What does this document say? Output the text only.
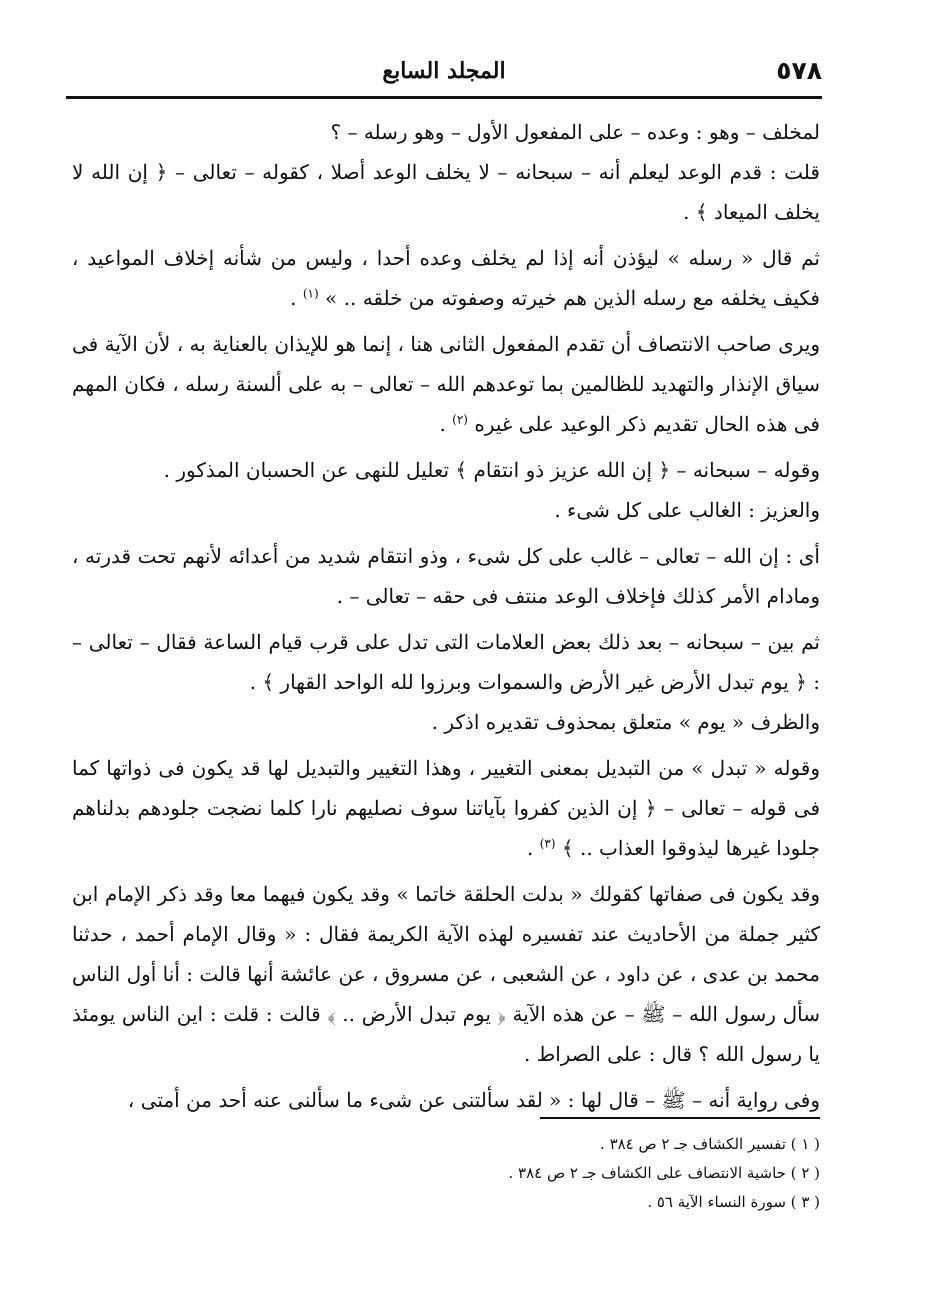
٥٧٨
المجلد السابع

لمخلف – وهو : وعده – على المفعول الأول – وهو رسله – ؟

قلت : قدم الوعد ليعلم أنه – سبحانه – لا يخلف الوعد أصلا ، كقوله – تعالى – ﴿ إن الله لا يخلف الميعاد ﴾ .

ثم قال « رسله » ليؤذن أنه إذا لم يخلف وعده أحدا ، وليس من شأنه إخلاف المواعيد ، فكيف يخلفه مع رسله الذين هم خيرته وصفوته من خلقه .. » $^{(١)}$ .

ويرى صاحب الانتصاف أن تقدم المفعول الثانى هنا ، إنما هو للإيذان بالعناية به ، لأن الآية فى سياق الإنذار والتهديد للظالمين بما توعدهم الله – تعالى – به على ألسنة رسله ، فكان المهم فى هذه الحال تقديم ذكر الوعيد على غيره $^{(٢)}$ .

وقوله – سبحانه – ﴿ إن الله عزيز ذو انتقام ﴾ تعليل للنهى عن الحسبان المذكور .

والعزيز : الغالب على كل شىء .

أى : إن الله – تعالى – غالب على كل شىء ، وذو انتقام شديد من أعدائه لأنهم تحت قدرته ، ومادام الأمر كذلك فإخلاف الوعد منتف فى حقه – تعالى – .

ثم بين – سبحانه – بعد ذلك بعض العلامات التى تدل على قرب قيام الساعة فقال – تعالى – : ﴿ يوم تبدل الأرض غير الأرض والسموات وبرزوا لله الواحد القهار ﴾ .

والظرف « يوم » متعلق بمحذوف تقديره اذكر .

وقوله « تبدل » من التبديل بمعنى التغيير ، وهذا التغيير والتبديل لها قد يكون فى ذواتها كما فى قوله – تعالى – ﴿ إن الذين كفروا بآياتنا سوف نصليهم نارا كلما نضجت جلودهم بدلناهم جلودا غيرها ليذوقوا العذاب .. ﴾ $^{(٣)}$ .

وقد يكون فى صفاتها كقولك « بدلت الحلقة خاتما » وقد يكون فيهما معا وقد ذكر الإمام ابن كثير جملة من الأحاديث عند تفسيره لهذه الآية الكريمة فقال : « وقال الإمام أحمد ، حدثنا محمد بن عدى ، عن داود ، عن الشعبى ، عن مسروق ، عن عائشة أنها قالت : أنا أول الناس سأل رسول الله – ﷺ – عن هذه الآية ﴿ يوم تبدل الأرض .. ﴾ قالت : قلت : اين الناس يومئذ يا رسول الله ؟ قال : على الصراط .

وفى رواية أنه – ﷺ – قال لها : « لقد سألتنى عن شىء ما سألنى عنه أحد من أمتى ،

( ١ ) تفسير الكشاف جـ ٢ ص ٣٨٤ .
( ٢ ) حاشية الانتصاف على الكشاف جـ ٢ ص ٣٨٤ .
( ٣ ) سورة النساء الآية ٥٦ .
